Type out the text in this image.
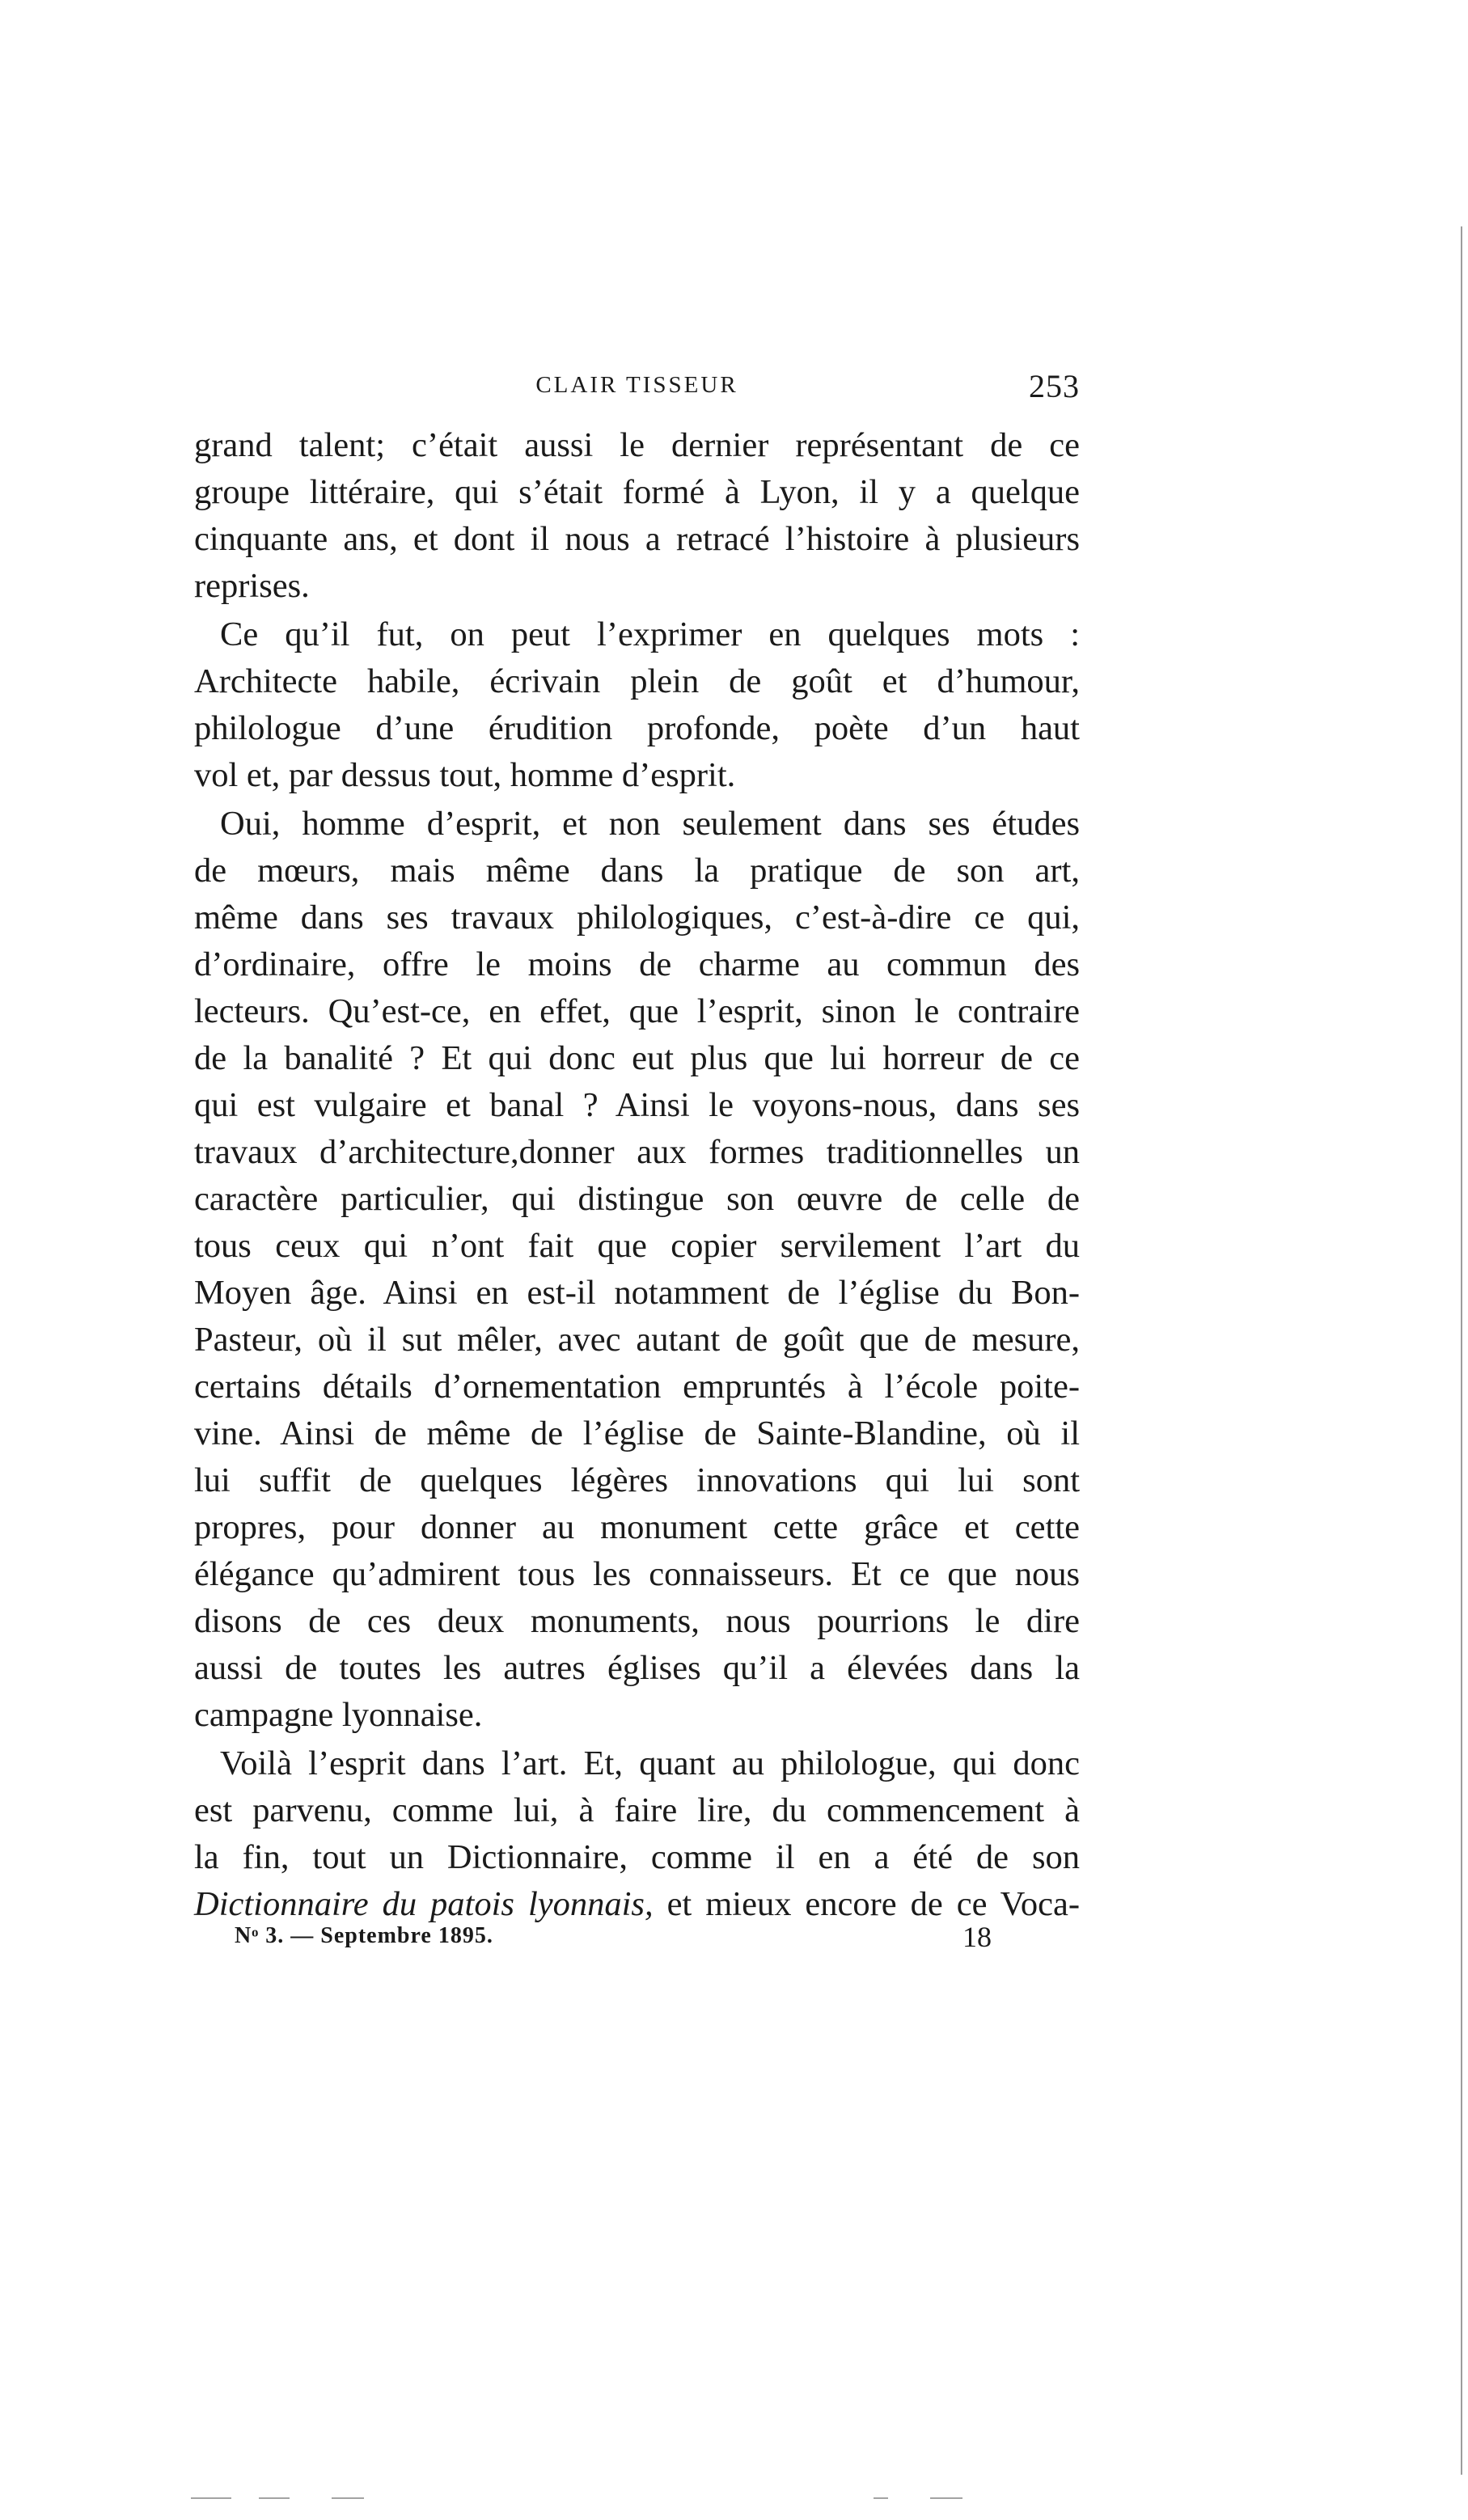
CLAIR TISSEUR	253
grand talent; c’était aussi le dernier représentant de ce
groupe littéraire, qui s’était formé à Lyon, il y a quelque
cinquante ans, et dont il nous a retracé l’histoire à plusieurs
reprises.
Ce qu’il fut, on peut l’exprimer en quelques mots :
Architecte habile, écrivain plein de goût et d’humour,
philologue d’une érudition profonde, poète d’un haut
vol et, par dessus tout, homme d’esprit.
Oui, homme d’esprit, et non seulement dans ses études
de mœurs, mais même dans la pratique de son art,
même dans ses travaux philologiques, c’est-à-dire ce qui,
d’ordinaire, offre le moins de charme au commun des
lecteurs. Qu’est-ce, en effet, que l’esprit, sinon le contraire
de la banalité ? Et qui donc eut plus que lui horreur de ce
qui est vulgaire et banal ? Ainsi le voyons-nous, dans ses
travaux d’architecture,donner aux formes traditionnelles un
caractère particulier, qui distingue son œuvre de celle de
tous ceux qui n’ont fait que copier servilement l’art du
Moyen âge. Ainsi en est-il notamment de l’église du Bon-
Pasteur, où il sut mêler, avec autant de goût que de mesure,
certains détails d’ornementation empruntés à l’école poite-
vine. Ainsi de même de l’église de Sainte-Blandine, où il
lui suffit de quelques légères innovations qui lui sont
propres, pour donner au monument cette grâce et cette
élégance qu’admirent tous les connaisseurs. Et ce que nous
disons de ces deux monuments, nous pourrions le dire
aussi de toutes les autres églises qu’il a élevées dans la
campagne lyonnaise.
Voilà l’esprit dans l’art. Et, quant au philologue, qui donc
est parvenu, comme lui, à faire lire, du commencement à
la fin, tout un Dictionnaire, comme il en a été de son
Dictionnaire du patois lyonnais, et mieux encore de ce Voca-
Nᵒ 3. — Septembre 1895.	18
